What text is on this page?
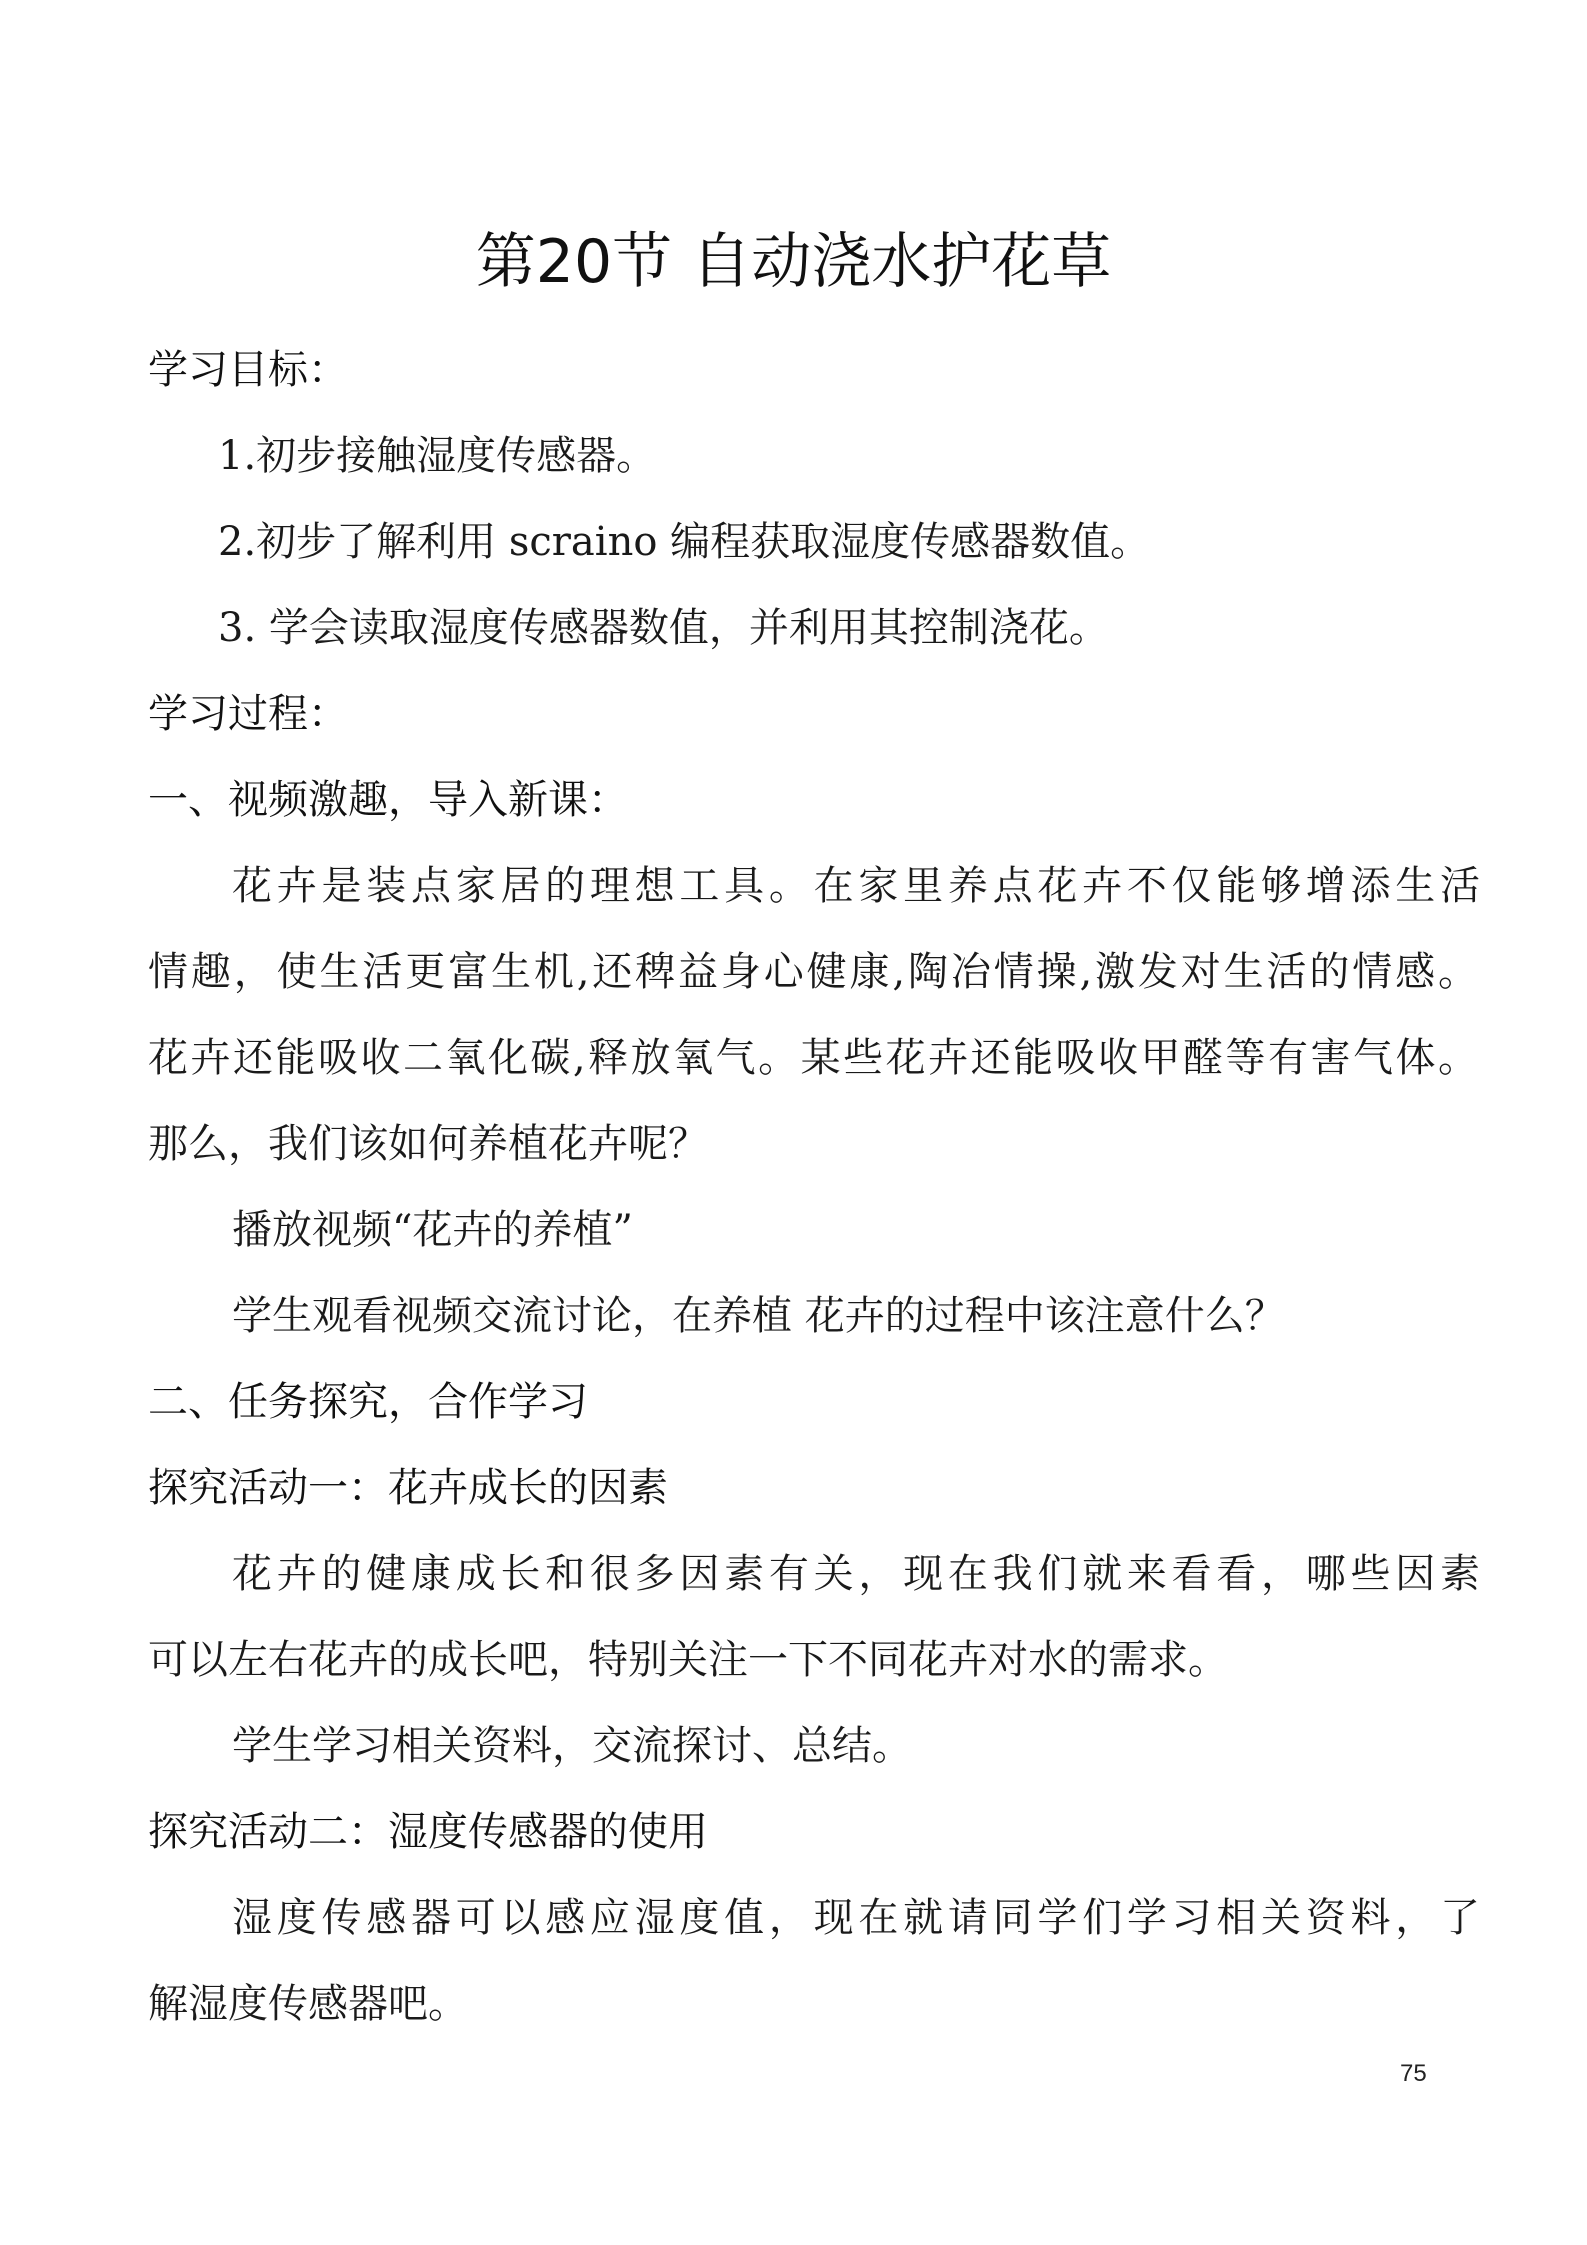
第20节 自动浇水护花草

学习目标：

1.初步接触湿度传感器。

2.初步了解利用 scraino 编程获取湿度传感器数值。

3. 学会读取湿度传感器数值，并利用其控制浇花。

学习过程：

一、视频激趣，导入新课：

花卉是装点家居的理想工具。在家里养点花卉不仅能够增添生活

情趣，使生活更富生机,还稗益身心健康,陶冶情操,激发对生活的情感。

花卉还能吸收二氧化碳,释放氧气。某些花卉还能吸收甲醛等有害气体。

那么，我们该如何养植花卉呢？

播放视频“花卉的养植”

学生观看视频交流讨论，在养植 花卉的过程中该注意什么？

二、任务探究，合作学习

探究活动一：花卉成长的因素

花卉的健康成长和很多因素有关，现在我们就来看看，哪些因素

可以左右花卉的成长吧，特别关注一下不同花卉对水的需求。

学生学习相关资料，交流探讨、总结。

探究活动二：湿度传感器的使用

湿度传感器可以感应湿度值，现在就请同学们学习相关资料，了

解湿度传感器吧。

75
